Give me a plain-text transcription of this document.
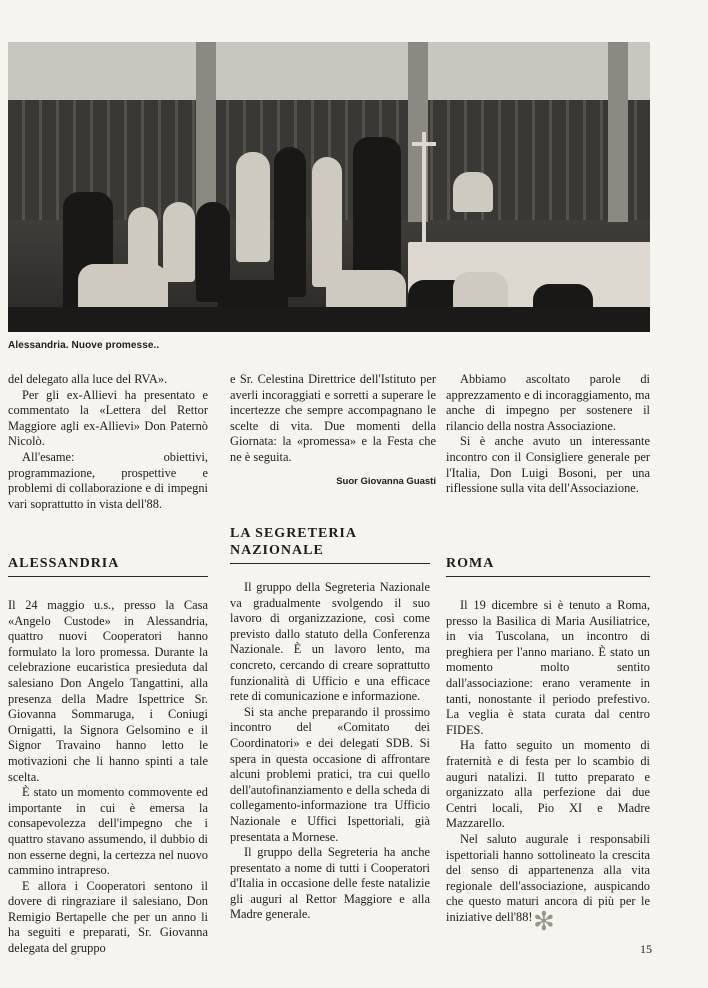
Alessandria. Nuove promesse..

del delegato alla luce del RVA».

Per gli ex-Allievi ha presentato e commentato la «Lettera del Rettor Maggiore agli ex-Allievi» Don Paternò Nicolò.

All'esame: obiettivi, programmazione, prospettive e problemi di collaborazione e di impegni vari soprattutto in vista dell'88.

e Sr. Celestina Direttrice dell'Istituto per averli incoraggiati e sorretti a superare le incertezze che sempre accompagnano le scelte di vita. Due momenti della Giornata: la «promessa» e la Festa che ne è seguita.

Suor Giovanna Guasti

Abbiamo ascoltato parole di apprezzamento e di incoraggiamento, ma anche di impegno per sostenere il rilancio della nostra Associazione.

Si è anche avuto un interessante incontro con il Consigliere generale per l'Italia, Don Luigi Bosoni, per una riflessione sulla vita dell'Associazione.

ALESSANDRIA
LA SEGRETERIA
NAZIONALE
ROMA

Il 24 maggio u.s., presso la Casa «Angelo Custode» in Alessandria, quattro nuovi Cooperatori hanno formulato la loro promessa. Durante la celebrazione eucaristica presieduta dal salesiano Don Angelo Tangattini, alla presenza della Madre Ispettrice Sr. Giovanna Sommaruga, i Coniugi Ornigatti, la Signora Gelsomino e il Signor Travaino hanno letto le motivazioni che li hanno spinti a tale scelta.

È stato un momento commovente ed importante in cui è emersa la consapevolezza dell'impegno che i quattro stavano assumendo, il dubbio di non esserne degni, la certezza nel nuovo cammino intrapreso.

E allora i Cooperatori sentono il dovere di ringraziare il salesiano, Don Remigio Bertapelle che per un anno li ha seguiti e preparati, Sr. Giovanna delegata del gruppo

Il gruppo della Segreteria Nazionale va gradualmente svolgendo il suo lavoro di organizzazione, così come previsto dallo statuto della Conferenza Nazionale. È un lavoro lento, ma concreto, cercando di creare soprattutto funzionalità di Ufficio e una efficace rete di comunicazione e informazione.

Si sta anche preparando il prossimo incontro del «Comitato dei Coordinatori» e dei delegati SDB. Si spera in questa occasione di affrontare alcuni problemi pratici, tra cui quello dell'autofinanziamento e della scheda di collegamento-informazione tra Ufficio Nazionale e Uffici Ispettoriali, già presentata a Mornese.

Il gruppo della Segreteria ha anche presentato a nome di tutti i Cooperatori d'Italia in occasione delle feste natalizie gli auguri al Rettor Maggiore e alla Madre generale.

Il 19 dicembre si è tenuto a Roma, presso la Basilica di Maria Ausiliatrice, in via Tuscolana, un incontro di preghiera per l'anno mariano. È stato un momento molto sentito dall'associazione: erano veramente in tanti, nonostante il periodo prefestivo. La veglia è stata curata dal centro FIDES.

Ha fatto seguito un momento di fraternità e di festa per lo scambio di auguri natalizi. Il tutto preparato e organizzato alla perfezione dai due Centri locali, Pio XI e Madre Mazzarello.

Nel saluto augurale i responsabili ispettoriali hanno sottolineato la crescita del senso di appartenenza alla vita regionale dell'associazione, auspicando che questo maturi ancora di più per le iniziative dell'88! ✻
15
